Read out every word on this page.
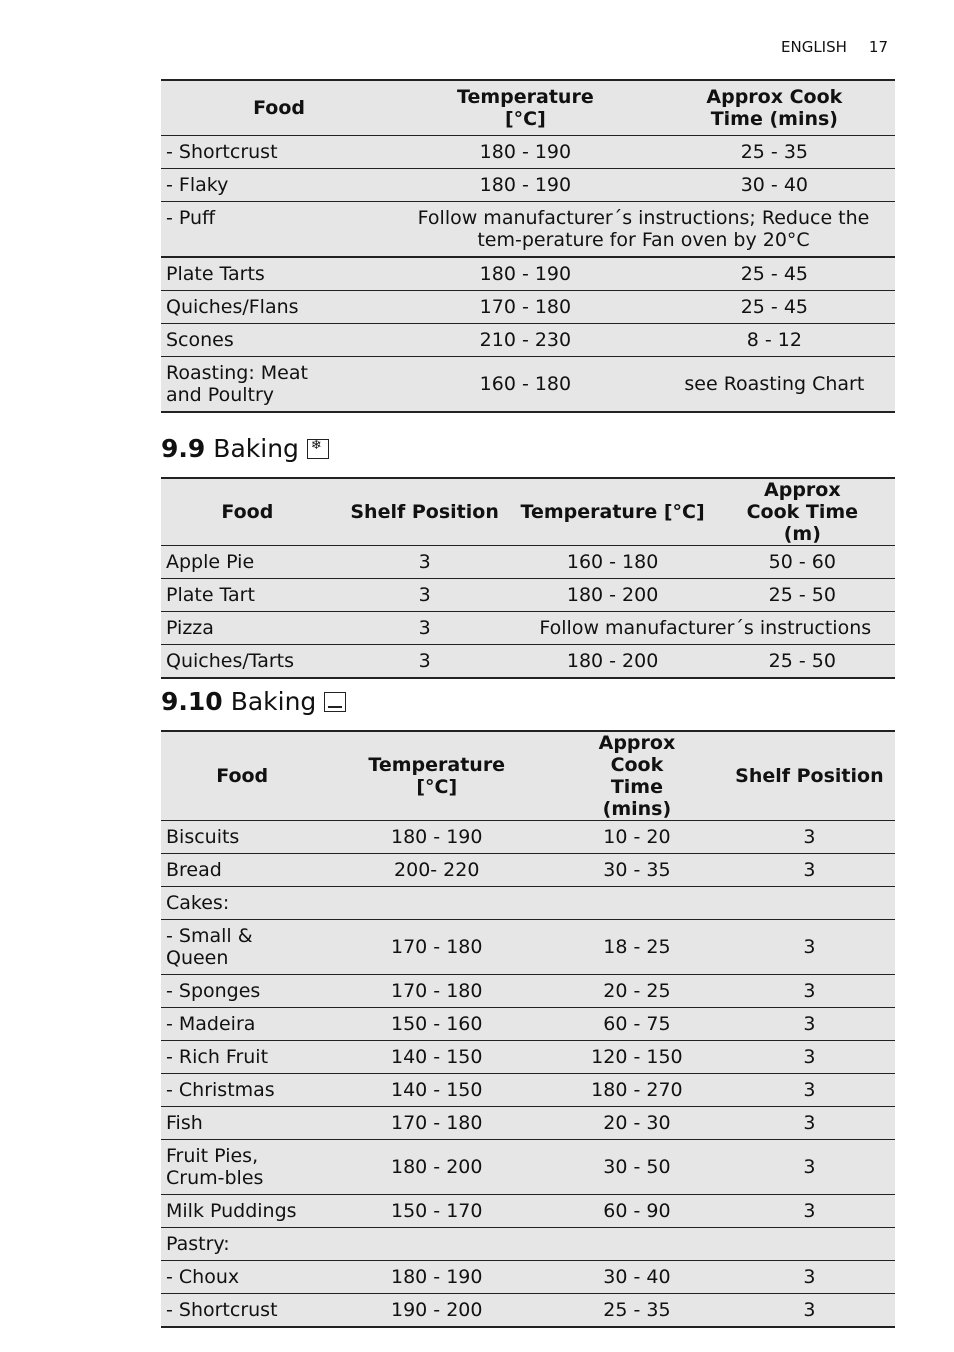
ENGLISH 17
Food	Temperature [°C]	Approx Cook Time (mins)
- Shortcrust	180 - 190	25 - 35
- Flaky	180 - 190	30 - 40
- Puff	Follow manufacturer´s instructions; Reduce the tem-perature for Fan oven by 20°C	
Plate Tarts	180 - 190	25 - 45
Quiches/Flans	170 - 180	25 - 45
Scones	210 - 230	8 - 12
Roasting: Meat and Poultry	160 - 180	see Roasting Chart
9.9 Baking
❄
Food	Shelf Position	Temperature [°C]	Approx Cook Time (m)
Apple Pie	3	160 - 180	50 - 60
Plate Tart	3	180 - 200	25 - 50
Pizza	3	Follow manufacturer´s instructions	
Quiches/Tarts	3	180 - 200	25 - 50
9.10 Baking
Food	Temperature [°C]	Approx Cook Time (mins)	Shelf Position
Biscuits	180 - 190	10 - 20	3
Bread	200- 220	30 - 35	3
Cakes:			
- Small & Queen	170 - 180	18 - 25	3
- Sponges	170 - 180	20 - 25	3
- Madeira	150 - 160	60 - 75	3
- Rich Fruit	140 - 150	120 - 150	3
- Christmas	140 - 150	180 - 270	3
Fish	170 - 180	20 - 30	3
Fruit Pies, Crum-bles	180 - 200	30 - 50	3
Milk Puddings	150 - 170	60 - 90	3
Pastry:			
- Choux	180 - 190	30 - 40	3
- Shortcrust	190 - 200	25 - 35	3
